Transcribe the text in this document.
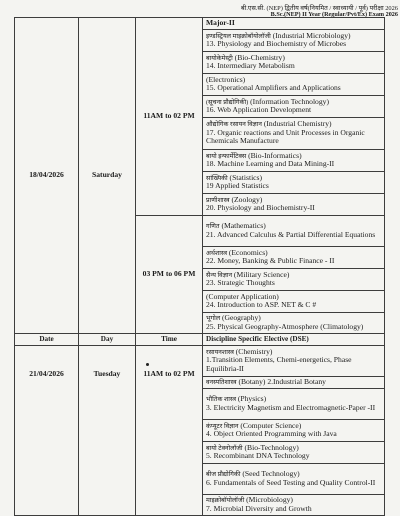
बी.एस.सी. (NEP) द्वितीय वर्ष(नियमित / स्वाध्यायी / पूर्व) परीक्षा 2026
B.Sc.(NEP) II Year (Regular/Pvt/Ex) Exam 2026
18/04/2026	Saturday	11AM to 02 PM	Major-II

			इण्डस्ट्रियल माइक्रोबॉयोलॉजी (Industrial Microbiology)
13. Physiology and Biochemistry of Microbes

			बायोकेमेस्ट्री (Bio-Chemistry)
14. Intermediary Metabolism

			(Electronics)
15. Operational Amplifiers and Applications

			(सूचना प्रौद्योगिकी) (Information Technology)
16. Web Application Development

			औद्योगिक रसायन विज्ञान (Industrial Chemistry)
17. Organic reactions and Unit Processes in Organic Chemicals Manufacture

			बायो इन्फार्मेटिक्स (Bio-Informatics)
18. Machine Learning and Data Mining-II

			सांख्यिकी (Statistics)
19 Applied Statistics

			प्राणीशास्त्र (Zoology)
20. Physiology and Biochemistry-II

		03 PM to 06 PM	गणित (Mathematics)
21. Advanced Calculus & Partial Differential Equations

			अर्थशास्त्र (Economics)
22. Money, Banking & Public Finance - II

			सैन्य विज्ञान (Military Science)
23. Strategic Thoughts

			(Computer Application)
24. Introduction to ASP. NET & C #

			भूगोल (Geography)
25. Physical Geography-Atmosphere (Climatology)

Date	Day	Time	Discipline Specific Elective (DSE)
21/04/2026	Tuesday	11AM to 02 PM	रसायनशास्त्र (Chemistry)
1.Transition Elements, Chemi-energetics, Phase Equilibria-II

			वनस्पतिशास्त्र (Botany) 2.Industrial Botany

			भौतिक शास्त्र (Physics)
3. Electricity Magnetism and Electromagnetic-Paper -II

			कंप्यूटर विज्ञान (Computer Science)
4. Object Oriented Programming with Java

			बायो टेक्नोलॉजी (Bio-Technology)
5. Recombinant DNA Technology

			बीज प्रौद्योगिकी (Seed Technology)
6. Fundamentals of Seed Testing and Quality Control-II

			माइक्रोबॉयोलॉजी (Microbiology)
7. Microbial Diversity and Growth
